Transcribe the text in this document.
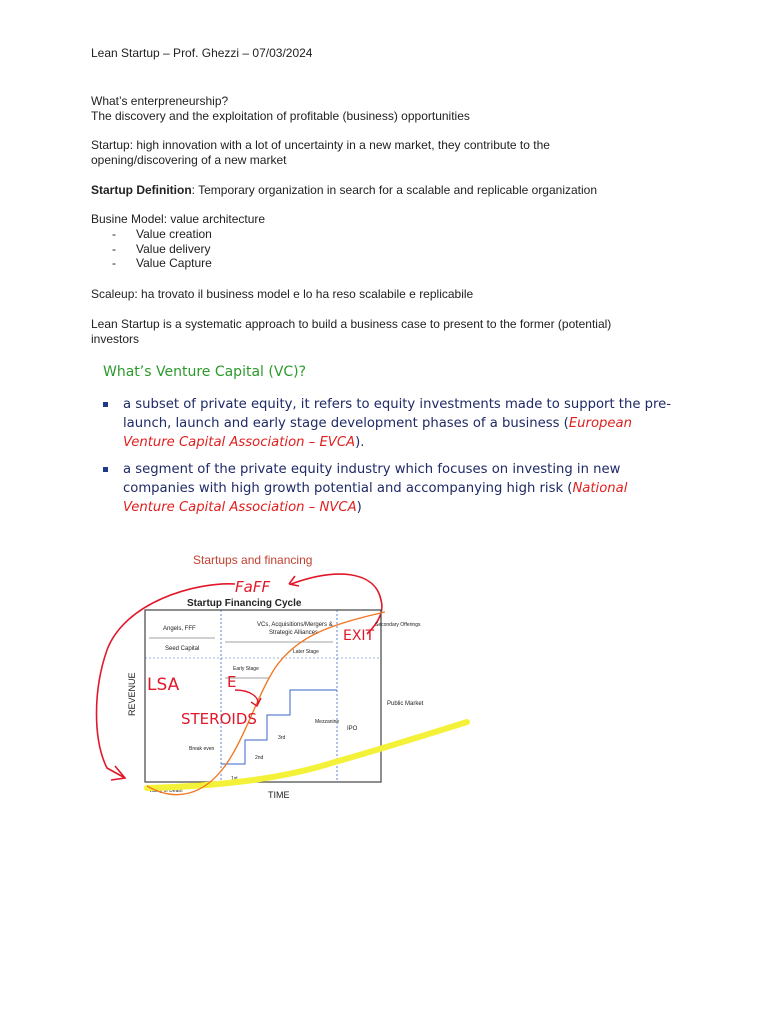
Lean Startup – Prof. Ghezzi – 07/03/2024
What’s enterpreneurship?
The discovery and the exploitation of profitable (business) opportunities
Startup: high innovation with a lot of uncertainty in a new market, they contribute to the
opening/discovering of a new market
Startup Definition: Temporary organization in search for a scalable and replicable organization
Busine Model: value architecture
- Value creation
- Value delivery
- Value Capture
Scaleup: ha trovato il business model e lo ha reso scalabile e replicabile
Lean Startup is a systematic approach to build a business case to present to the former (potential)
investors
What’s Venture Capital (VC)?
a subset of private equity, it refers to equity investments made to support the pre-launch, launch and early stage development phases of a business (European Venture Capital Association – EVCA).
a segment of the private equity industry which focuses on investing in new companies with high growth potential and accompanying high risk (National Venture Capital Association – NVCA)
Startups and financing
FaFF
Startup Financing Cycle
REVENUE
TIME
Angels, FFF
Seed Capital
VCs, Acquisitions/Mergers &
Strategic Alliances
Later Stage
Early Stage
Secondary Offerings
Public Market
Mezzanine
IPO
Break even
1st
2nd
3rd
Valley of Death
LSA	E
STEROIDS
EXIT
